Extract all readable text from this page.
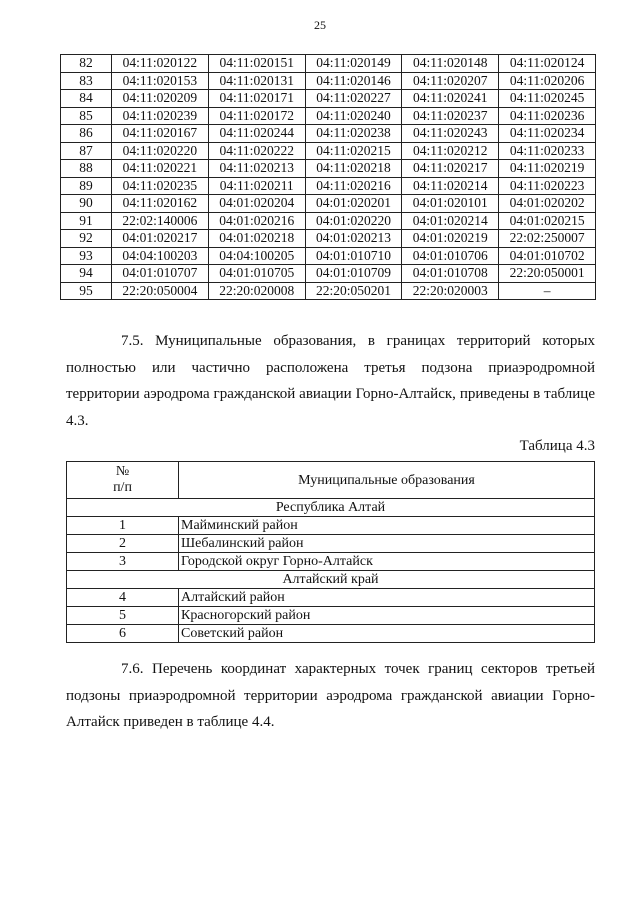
25
82	04:11:020122	04:11:020151	04:11:020149	04:11:020148	04:11:020124
83	04:11:020153	04:11:020131	04:11:020146	04:11:020207	04:11:020206
84	04:11:020209	04:11:020171	04:11:020227	04:11:020241	04:11:020245
85	04:11:020239	04:11:020172	04:11:020240	04:11:020237	04:11:020236
86	04:11:020167	04:11:020244	04:11:020238	04:11:020243	04:11:020234
87	04:11:020220	04:11:020222	04:11:020215	04:11:020212	04:11:020233
88	04:11:020221	04:11:020213	04:11:020218	04:11:020217	04:11:020219
89	04:11:020235	04:11:020211	04:11:020216	04:11:020214	04:11:020223
90	04:11:020162	04:01:020204	04:01:020201	04:01:020101	04:01:020202
91	22:02:140006	04:01:020216	04:01:020220	04:01:020214	04:01:020215
92	04:01:020217	04:01:020218	04:01:020213	04:01:020219	22:02:250007
93	04:04:100203	04:04:100205	04:01:010710	04:01:010706	04:01:010702
94	04:01:010707	04:01:010705	04:01:010709	04:01:010708	22:20:050001
95	22:20:050004	22:20:020008	22:20:050201	22:20:020003	–
7.5. Муниципальные образования, в границах территорий которых полностью или частично расположена третья подзона приаэродромной территории аэродрома гражданской авиации Горно-Алтайск, приведены в таблице 4.3.
Таблица 4.3
№
п/п	Муниципальные образования
Республика Алтай	
1	Майминский район
2	Шебалинский район
3	Городской округ Горно-Алтайск
Алтайский край	
4	Алтайский район
5	Красногорский район
6	Советский район
7.6. Перечень координат характерных точек границ секторов третьей подзоны приаэродромной территории аэродрома гражданской авиации Горно-Алтайск приведен в таблице 4.4.
